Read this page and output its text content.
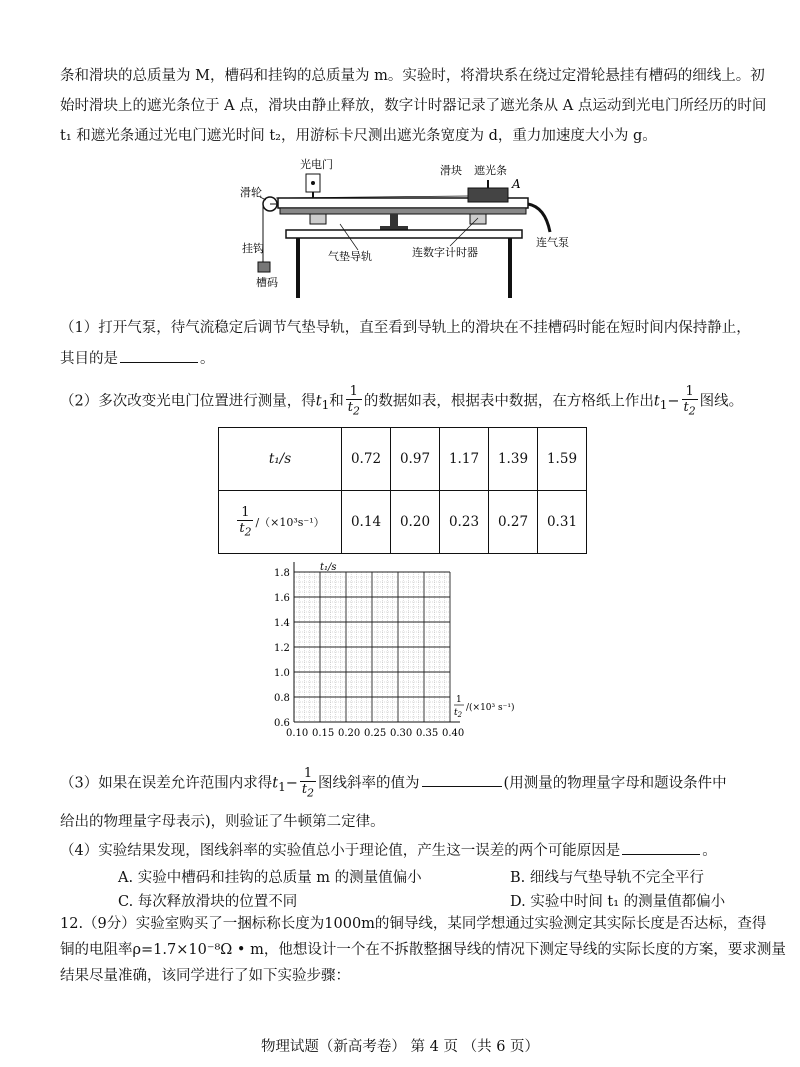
条和滑块的总质量为 M，槽码和挂钩的总质量为 m。实验时，将滑块系在绕过定滑轮悬挂有槽码的细线上。初
始时滑块上的遮光条位于 A 点，滑块由静止释放，数字计时器记录了遮光条从 A 点运动到光电门所经历的时间
t₁ 和遮光条通过光电门遮光时间 t₂，用游标卡尺测出遮光条宽度为 d，重力加速度大小为 g。
光电门	滑块 遮光条
A
滑轮
挂钩
槽码
气垫导轨	连数字计时器
连气泵
（1）打开气泵，待气流稳定后调节气垫导轨，直至看到导轨上的滑块在不挂槽码时能在短时间内保持静止，
其目的是	。
（2）多次改变光电门位置进行测量，得$t_1$和 $\frac{1}{t_2}$ 的数据如表，根据表中数据，在方格纸上作出$t_1- \frac{1}{t_2}$ 图线。
t₁/s	0.72	0.97	1.17	1.39	1.59

$\frac{1}{t_2} /(\times 10^3s^{-1})$	0.14	0.20	0.23	0.27	0.31
0.10 0.15 0.20 0.25 0.30 0.35 0.40
0.6
0.8
1.0
1.2
1.4
1.6
1.8
t₁/s
1
$t_2$
/(×10³ s⁻¹)
（3）如果在误差允许范围内求得$t_1- \frac{1}{t_2}$ 图线斜率的值为	(用测量的物理量字母和题设条件中
给出的物理量字母表示)，则验证了牛顿第二定律。
（4）实验结果发现，图线斜率的实验值总小于理论值，产生这一误差的两个可能原因是	。
A. 实验中槽码和挂钩的总质量 m 的测量值偏小	B. 细线与气垫导轨不完全平行
C. 每次释放滑块的位置不同	D. 实验中时间 t₁ 的测量值都偏小
12.（9分）实验室购买了一捆标称长度为1000m的铜导线，某同学想通过实验测定其实际长度是否达标，查得
铜的电阻率ρ=1.7×10⁻⁸Ω • m，他想设计一个在不拆散整捆导线的情况下测定导线的实际长度的方案，要求测量
结果尽量准确，该同学进行了如下实验步骤：
物理试题（新高考卷） 第 4 页 （共 6 页）
